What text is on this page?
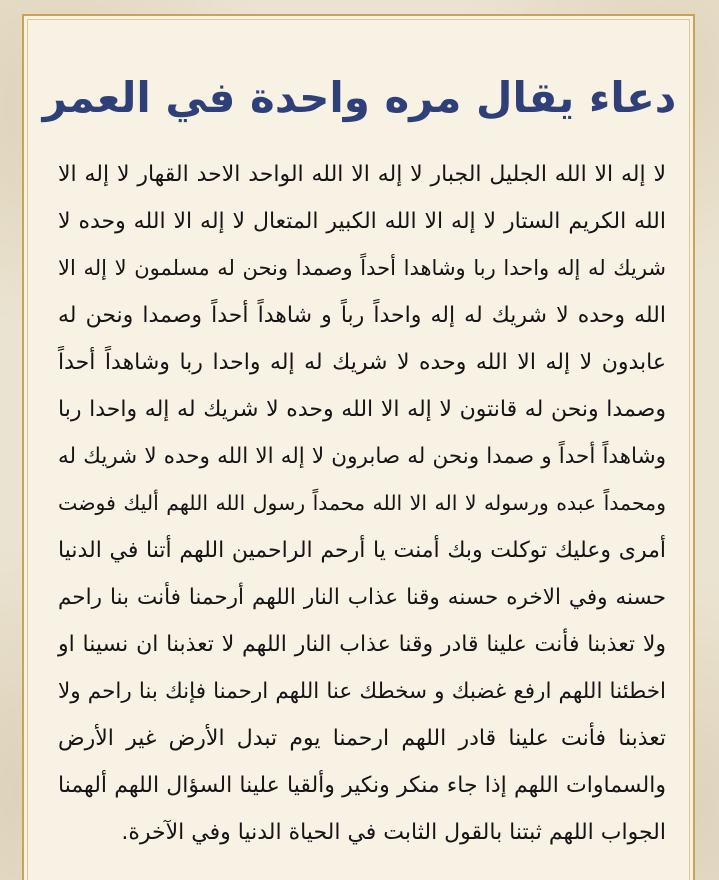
دعاء يقال مره واحدة في العمر
لا إله الا الله الجليل الجبار لا إله الا الله الواحد الاحد القهار لا إله الا
الله الكريم الستار لا إله الا الله الكبير المتعال لا إله الا الله وحده لا
شريك له إله واحدا ربا وشاهدا أحداً وصمدا ونحن له مسلمون لا إله الا
الله وحده لا شريك له إله واحداً رباً و شاهداً أحداً وصمدا ونحن له
عابدون لا إله الا الله وحده لا شريك له إله واحدا ربا وشاهداً أحداً
وصمدا ونحن له قانتون لا إله الا الله وحده لا شريك له إله واحدا ربا
وشاهداً أحداً و صمدا ونحن له صابرون لا إله الا الله وحده لا شريك له
ومحمداً عبده ورسوله لا اله الا الله محمداً رسول الله اللهم أليك فوضت
أمرى وعليك توكلت وبك أمنت يا أرحم الراحمين اللهم أتنا في الدنيا
حسنه وفي الاخره حسنه وقنا عذاب النار اللهم أرحمنا فأنت بنا راحم
ولا تعذبنا فأنت علينا قادر وقنا عذاب النار اللهم لا تعذبنا ان نسينا او
اخطئنا اللهم ارفع غضبك و سخطك عنا اللهم ارحمنا فإنك بنا راحم ولا
تعذبنا فأنت علينا قادر اللهم ارحمنا يوم تبدل الأرض غير الأرض
والسماوات اللهم إذا جاء منكر ونكير وألقيا علينا السؤال اللهم ألهمنا
الجواب اللهم ثبتنا بالقول الثابت في الحياة الدنيا وفي الآخرة.
